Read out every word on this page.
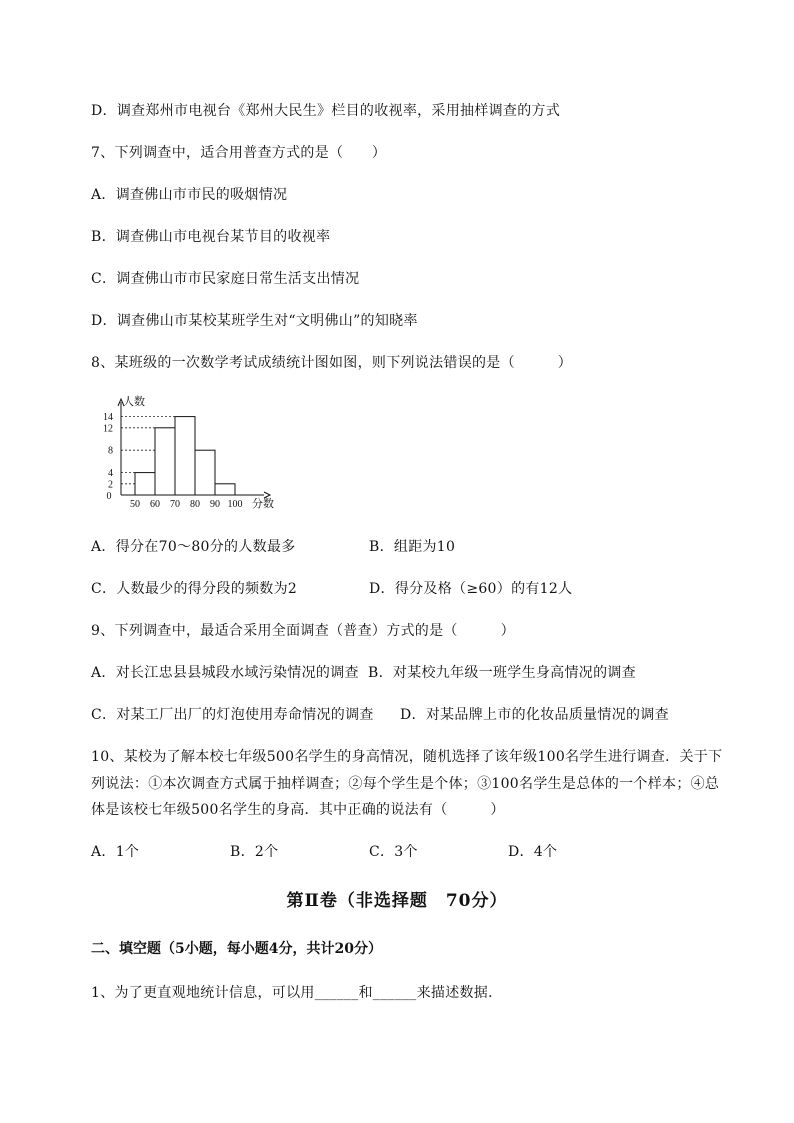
D．调查郑州市电视台《郑州大民生》栏目的收视率，采用抽样调查的方式
7、下列调查中，适合用普查方式的是（　　）
A．调查佛山市市民的吸烟情况
B．调查佛山市电视台某节目的收视率
C．调查佛山市市民家庭日常生活支出情况
D．调查佛山市某校某班学生对“文明佛山”的知晓率
8、某班级的一次数学考试成绩统计图如图，则下列说法错误的是（　　　）
2
4
8
12
14
0
50 60 70 80 90 100
人数
分数
A．得分在70～80分的人数最多	B．组距为10
C．人数最少的得分段的频数为2	D．得分及格（≥60）的有12人
9、下列调查中，最适合采用全面调查（普查）方式的是（　　　）
A．对长江忠县县城段水域污染情况的调查 B．对某校九年级一班学生身高情况的调查
C．对某工厂出厂的灯泡使用寿命情况的调查 D．对某品牌上市的化妆品质量情况的调查
10、某校为了解本校七年级500名学生的身高情况，随机选择了该年级100名学生进行调查．关于下
列说法：①本次调查方式属于抽样调查；②每个学生是个体；③100名学生是总体的一个样本；④总
体是该校七年级500名学生的身高．其中正确的说法有（　　　）
A．1个	B．2个	C．3个	D．4个
第Ⅱ卷（非选择题　70分）
二、填空题（5小题，每小题4分，共计20分）
1、为了更直观地统计信息，可以用______和______来描述数据．
